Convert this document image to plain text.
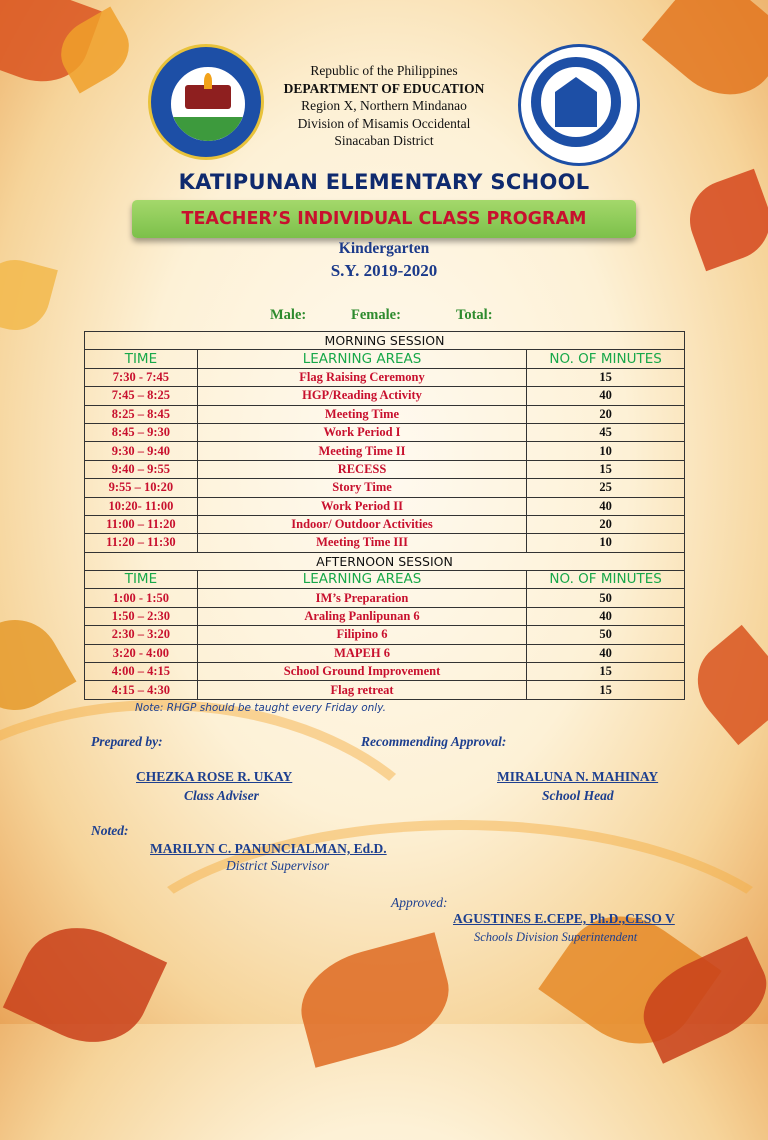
Republic of the Philippines
DEPARTMENT OF EDUCATION
Region X, Northern Mindanao
Division of Misamis Occidental
Sinacaban District
KATIPUNAN ELEMENTARY SCHOOL
TEACHER’S INDIVIDUAL CLASS PROGRAM
Kindergarten
S.Y. 2019-2020
Male:	Female:	Total:
MORNING SESSION		
TIME	LEARNING AREAS	NO. OF MINUTES
7:30 - 7:45	Flag Raising Ceremony	15
7:45 – 8:25	HGP/Reading Activity	40
8:25 – 8:45	Meeting Time	20
8:45 – 9:30	Work Period I	45
9:30 – 9:40	Meeting Time II	10
9:40 – 9:55	RECESS	15
9:55 – 10:20	Story Time	25
10:20- 11:00	Work Period II	40
11:00 – 11:20	Indoor/ Outdoor Activities	20
11:20 – 11:30	Meeting Time III	10
AFTERNOON SESSION		
TIME	LEARNING AREAS	NO. OF MINUTES
1:00 - 1:50	IM’s Preparation	50
1:50 – 2:30	Araling Panlipunan 6	40
2:30 – 3:20	Filipino 6	50
3:20 - 4:00	MAPEH 6	40
4:00 – 4:15	School Ground Improvement	15
4:15 – 4:30	Flag retreat	15
Note: RHGP should be taught every Friday only.
Prepared by:	Recommending Approval:
CHEZKA ROSE R. UKAY
Class Adviser
MIRALUNA N. MAHINAY
School Head
Noted:
MARILYN C. PANUNCIALMAN, Ed.D.
District Supervisor
Approved:
AGUSTINES E.CEPE, Ph.D.,CESO V
Schools Division Superintendent
